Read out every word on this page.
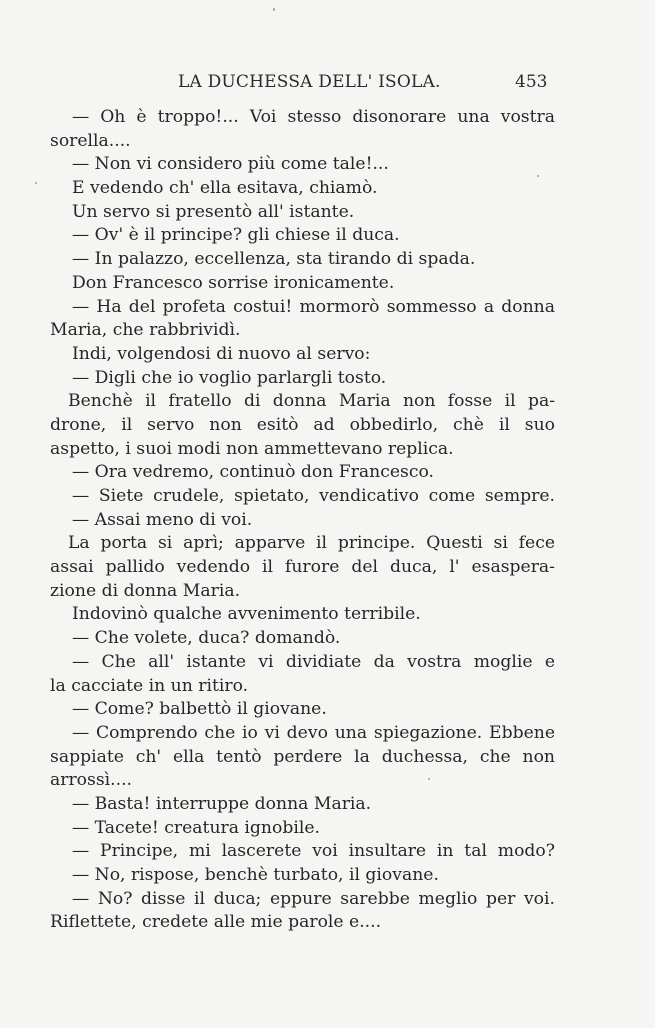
LA DUCHESSA DELL' ISOLA.	453
— Oh è troppo!... Voi stesso disonorare una vostra
sorella....
— Non vi considero più come tale!...
E vedendo ch' ella esitava, chiamò.
Un servo si presentò all' istante.
— Ov' è il principe? gli chiese il duca.
— In palazzo, eccellenza, sta tirando di spada.
Don Francesco sorrise ironicamente.
— Ha del profeta costui! mormorò sommesso a donna
Maria, che rabbrividì.
Indi, volgendosi di nuovo al servo:
— Digli che io voglio parlargli tosto.
Benchè il fratello di donna Maria non fosse il pa-
drone, il servo non esitò ad obbedirlo, chè il suo
aspetto, i suoi modi non ammettevano replica.
— Ora vedremo, continuò don Francesco.
— Siete crudele, spietato, vendicativo come sempre.
— Assai meno di voi.
La porta si aprì; apparve il principe. Questi si fece
assai pallido vedendo il furore del duca, l' esaspera-
zione di donna Maria.
Indovinò qualche avvenimento terribile.
— Che volete, duca? domandò.
— Che all' istante vi dividiate da vostra moglie e
la cacciate in un ritiro.
— Come? balbettò il giovane.
— Comprendo che io vi devo una spiegazione. Ebbene
sappiate ch' ella tentò perdere la duchessa, che non
arrossì....
— Basta! interruppe donna Maria.
— Tacete! creatura ignobile.
— Principe, mi lascerete voi insultare in tal modo?
— No, rispose, benchè turbato, il giovane.
— No? disse il duca; eppure sarebbe meglio per voi.
Riflettete, credete alle mie parole e....
